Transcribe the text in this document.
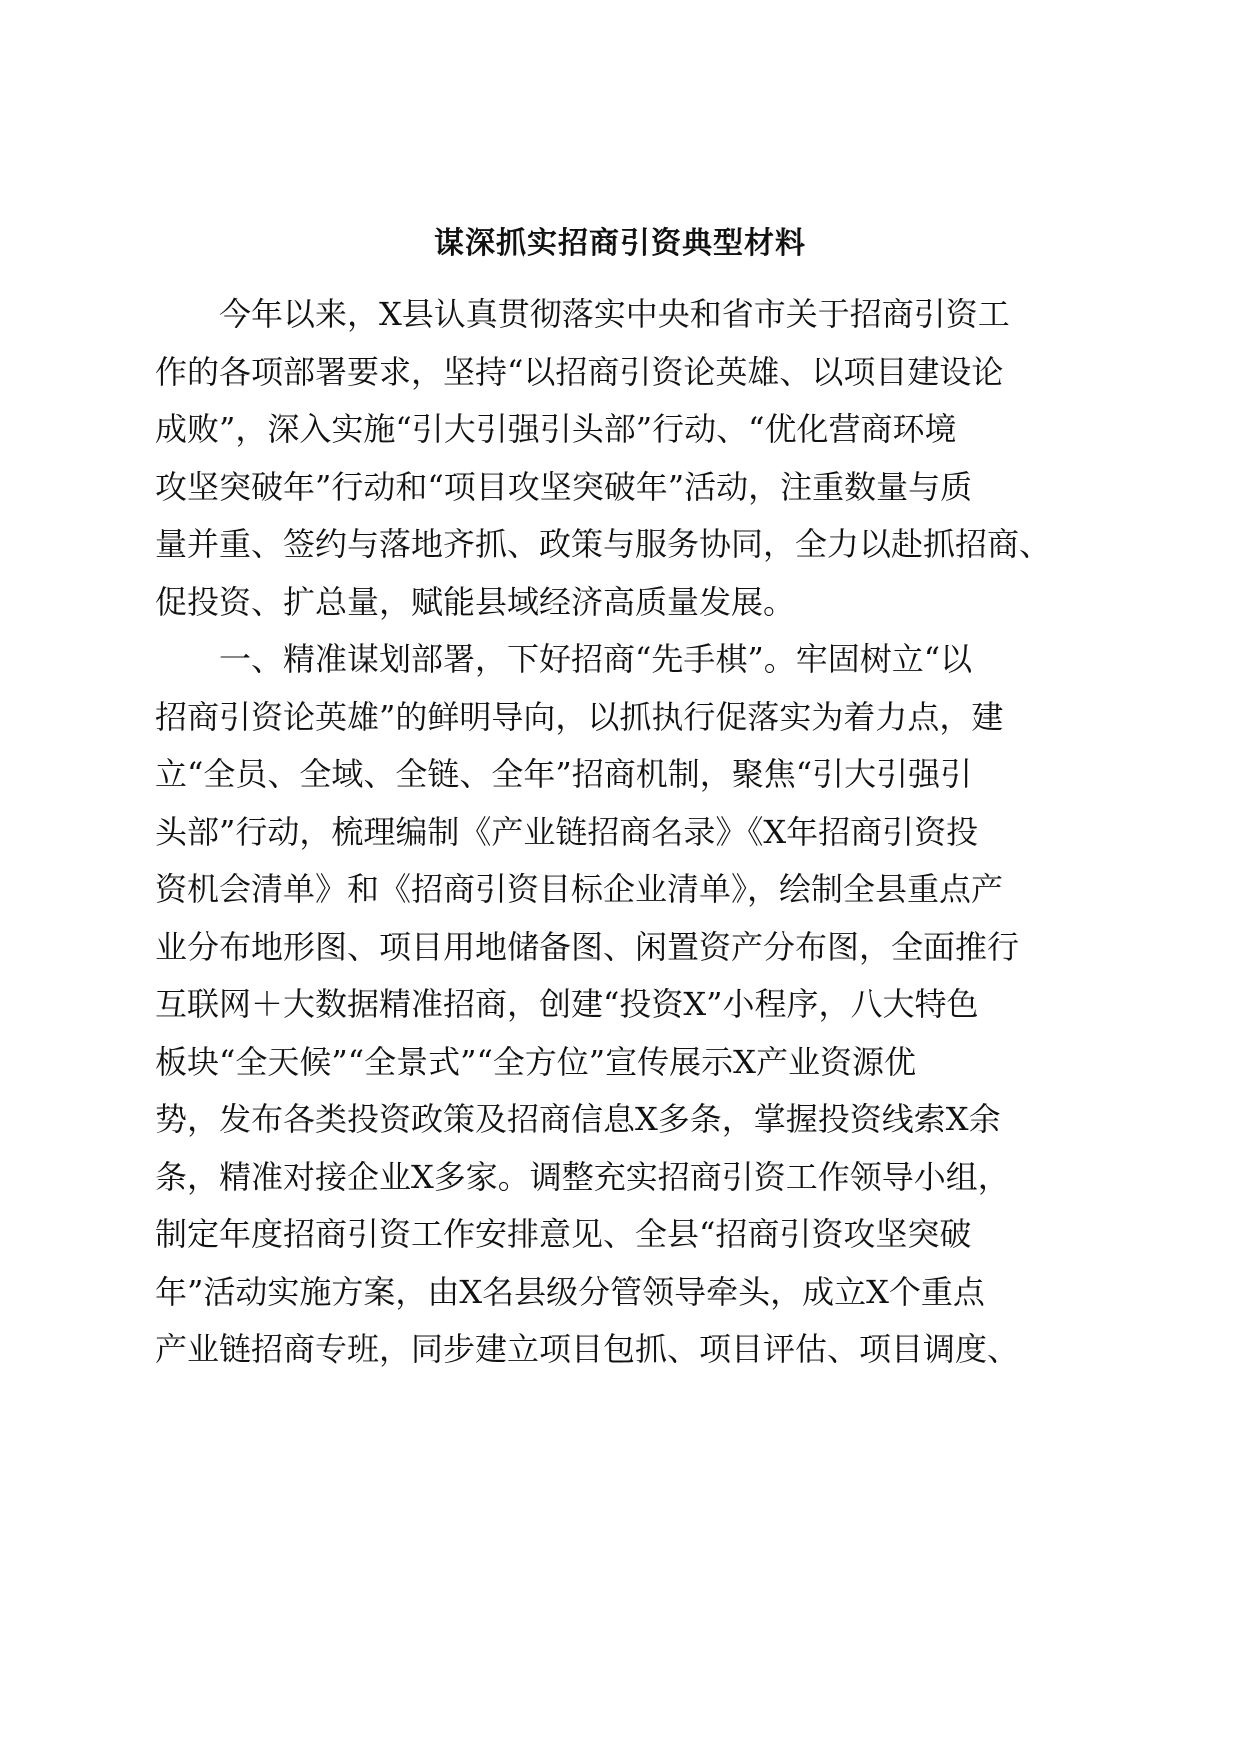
谋深抓实招商引资典型材料

今年以来，X县认真贯彻落实中央和省市关于招商引资工

作的各项部署要求，坚持“以招商引资论英雄、以项目建设论

成败”，深入实施“引大引强引头部”行动、“优化营商环境

攻坚突破年”行动和“项目攻坚突破年”活动，注重数量与质

量并重、签约与落地齐抓、政策与服务协同，全力以赴抓招商、

促投资、扩总量，赋能县域经济高质量发展。

一、精准谋划部署，下好招商“先手棋”。牢固树立“以

招商引资论英雄”的鲜明导向，以抓执行促落实为着力点，建

立“全员、全域、全链、全年”招商机制，聚焦“引大引强引

头部”行动，梳理编制《产业链招商名录》《X年招商引资投

资机会清单》和《招商引资目标企业清单》，绘制全县重点产

业分布地形图、项目用地储备图、闲置资产分布图，全面推行

互联网＋大数据精准招商，创建“投资X”小程序，八大特色

板块“全天候”“全景式”“全方位”宣传展示X产业资源优

势，发布各类投资政策及招商信息X多条，掌握投资线索X余

条，精准对接企业X多家。调整充实招商引资工作领导小组，

制定年度招商引资工作安排意见、全县“招商引资攻坚突破

年”活动实施方案，由X名县级分管领导牵头，成立X个重点

产业链招商专班，同步建立项目包抓、项目评估、项目调度、
